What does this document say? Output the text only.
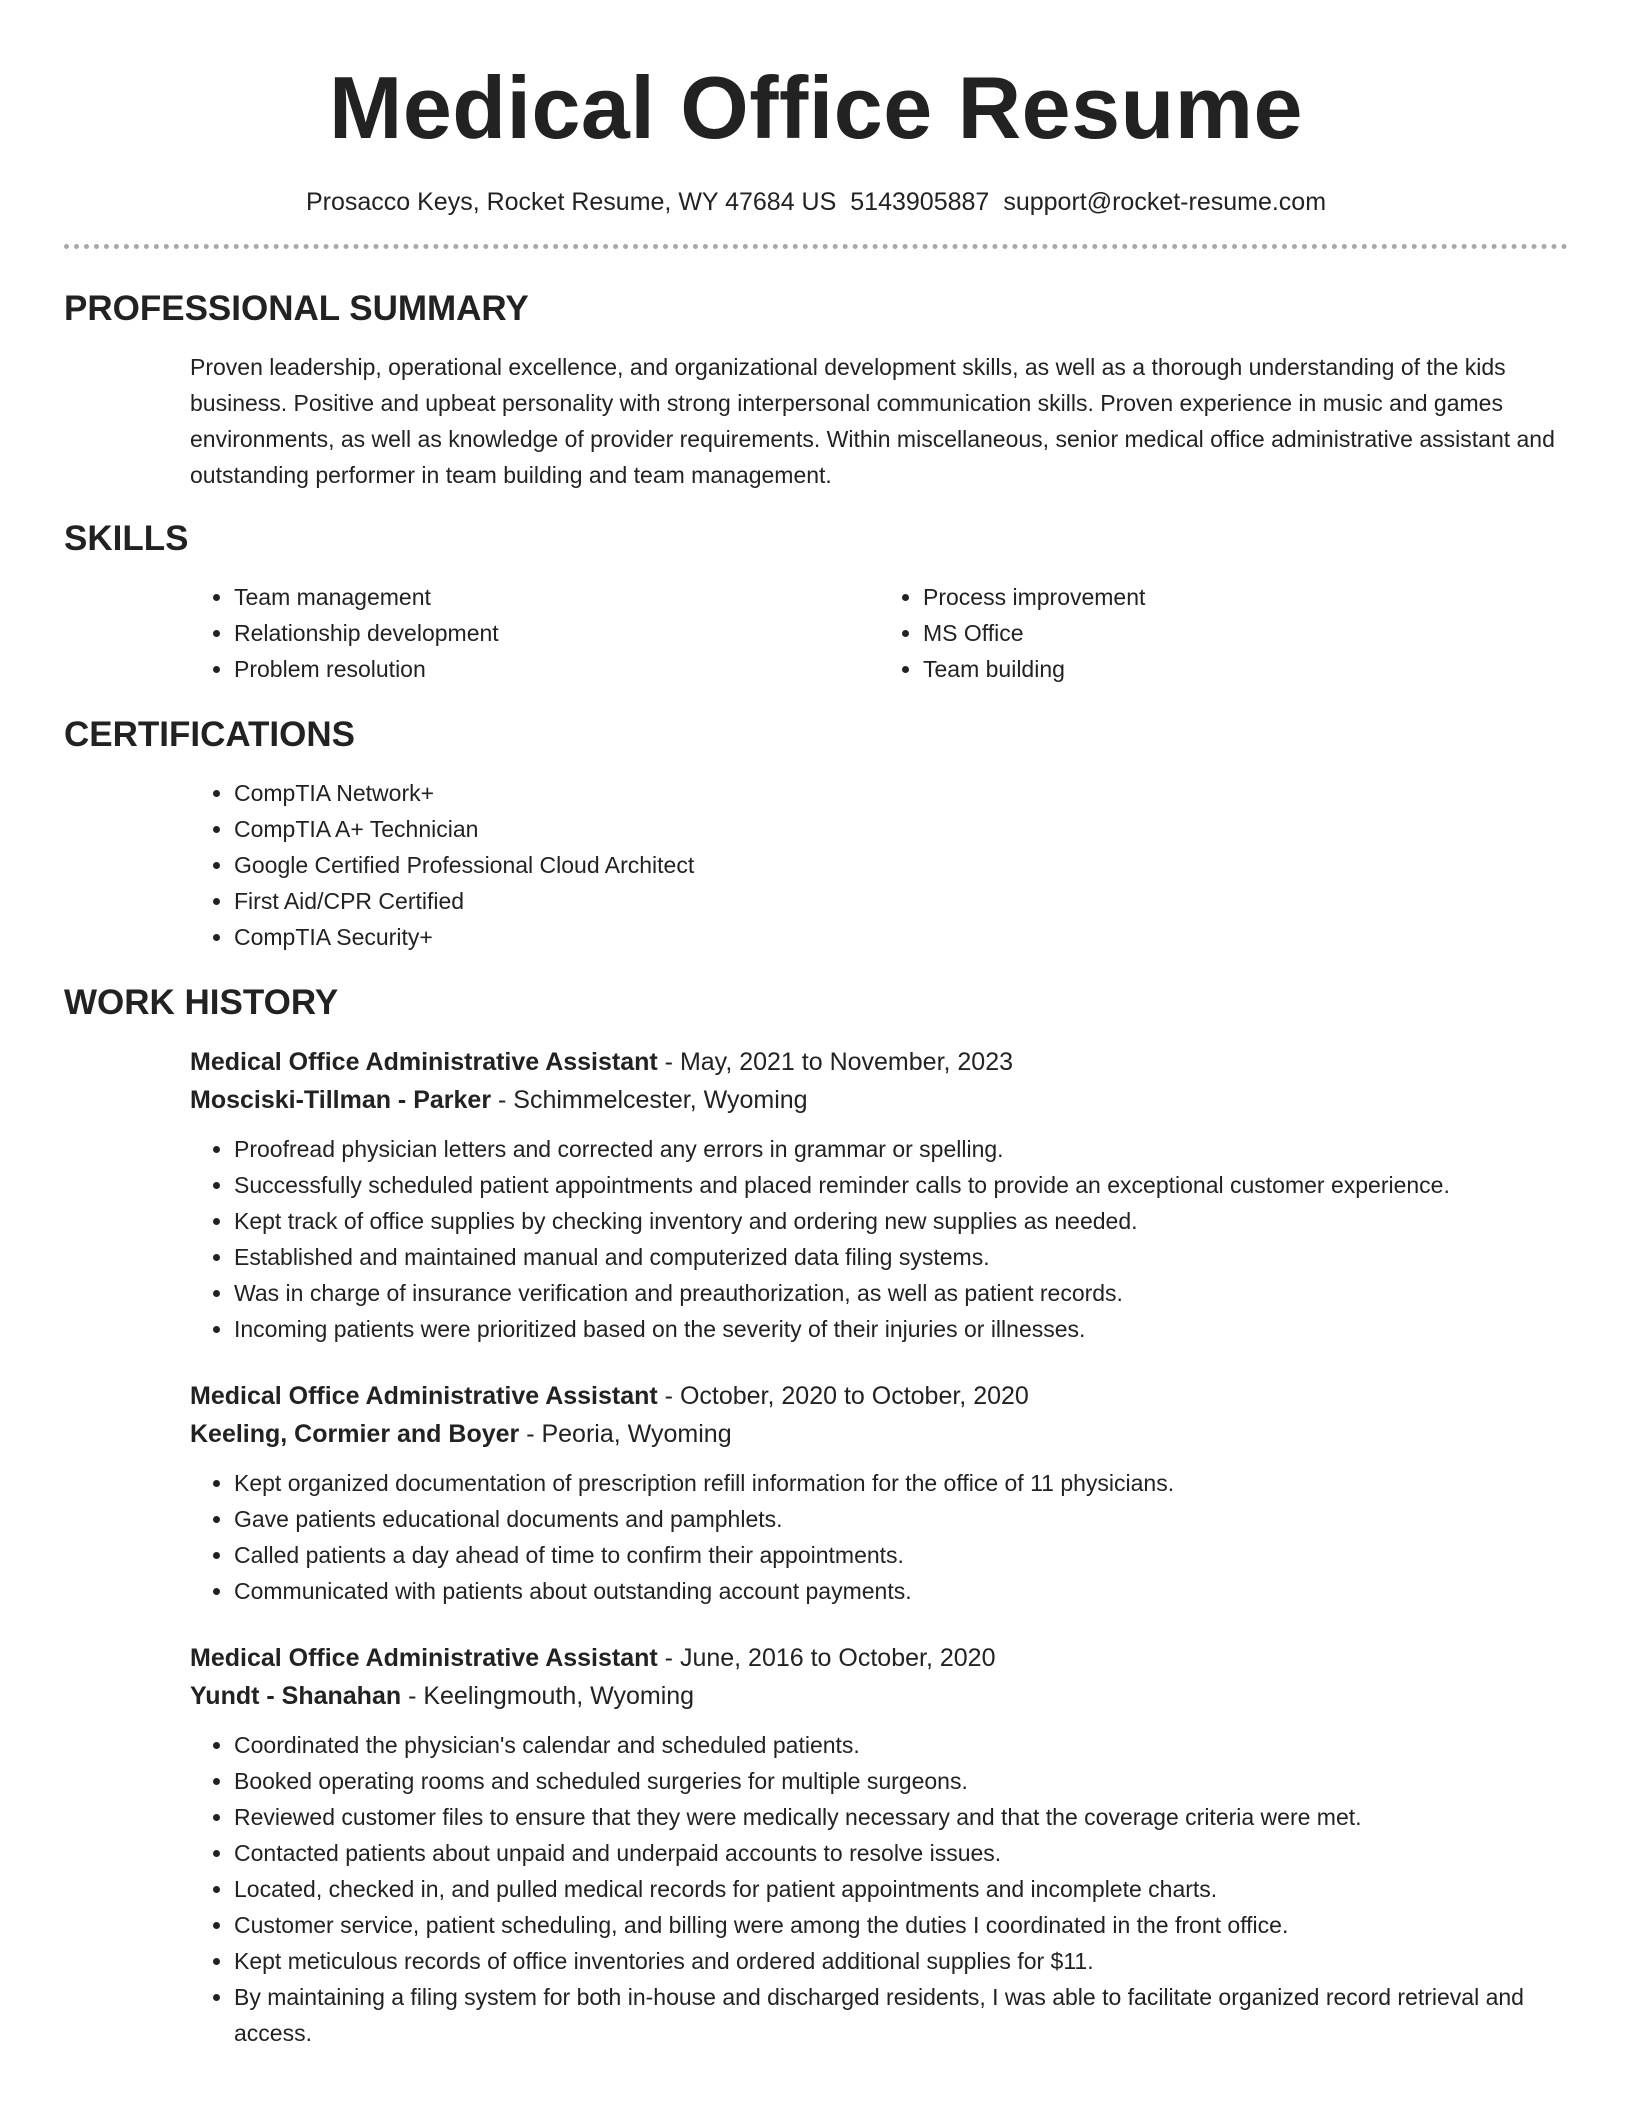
Medical Office Resume
Prosacco Keys, Rocket Resume, WY 47684 US 5143905887 support@rocket-resume.com
PROFESSIONAL SUMMARY

Proven leadership, operational excellence, and organizational development skills, as well as a thorough understanding of the kids business. Positive and upbeat personality with strong interpersonal communication skills. Proven experience in music and games environments, as well as knowledge of provider requirements. Within miscellaneous, senior medical office administrative assistant and outstanding performer in team building and team management.

SKILLS
• Team management
• Relationship development
• Problem resolution
• Process improvement
• MS Office
• Team building
CERTIFICATIONS
• CompTIA Network+
• CompTIA A+ Technician
• Google Certified Professional Cloud Architect
• First Aid/CPR Certified
• CompTIA Security+
WORK HISTORY
Medical Office Administrative Assistant - May, 2021 to November, 2023
Mosciski-Tillman - Parker - Schimmelcester, Wyoming
• Proofread physician letters and corrected any errors in grammar or spelling.
• Successfully scheduled patient appointments and placed reminder calls to provide an exceptional customer experience.
• Kept track of office supplies by checking inventory and ordering new supplies as needed.
• Established and maintained manual and computerized data filing systems.
• Was in charge of insurance verification and preauthorization, as well as patient records.
• Incoming patients were prioritized based on the severity of their injuries or illnesses.
Medical Office Administrative Assistant - October, 2020 to October, 2020
Keeling, Cormier and Boyer - Peoria, Wyoming
• Kept organized documentation of prescription refill information for the office of 11 physicians.
• Gave patients educational documents and pamphlets.
• Called patients a day ahead of time to confirm their appointments.
• Communicated with patients about outstanding account payments.
Medical Office Administrative Assistant - June, 2016 to October, 2020
Yundt - Shanahan - Keelingmouth, Wyoming
• Coordinated the physician's calendar and scheduled patients.
• Booked operating rooms and scheduled surgeries for multiple surgeons.
• Reviewed customer files to ensure that they were medically necessary and that the coverage criteria were met.
• Contacted patients about unpaid and underpaid accounts to resolve issues.
• Located, checked in, and pulled medical records for patient appointments and incomplete charts.
• Customer service, patient scheduling, and billing were among the duties I coordinated in the front office.
• Kept meticulous records of office inventories and ordered additional supplies for $11.
• By maintaining a filing system for both in-house and discharged residents, I was able to facilitate organized record retrieval and access.
